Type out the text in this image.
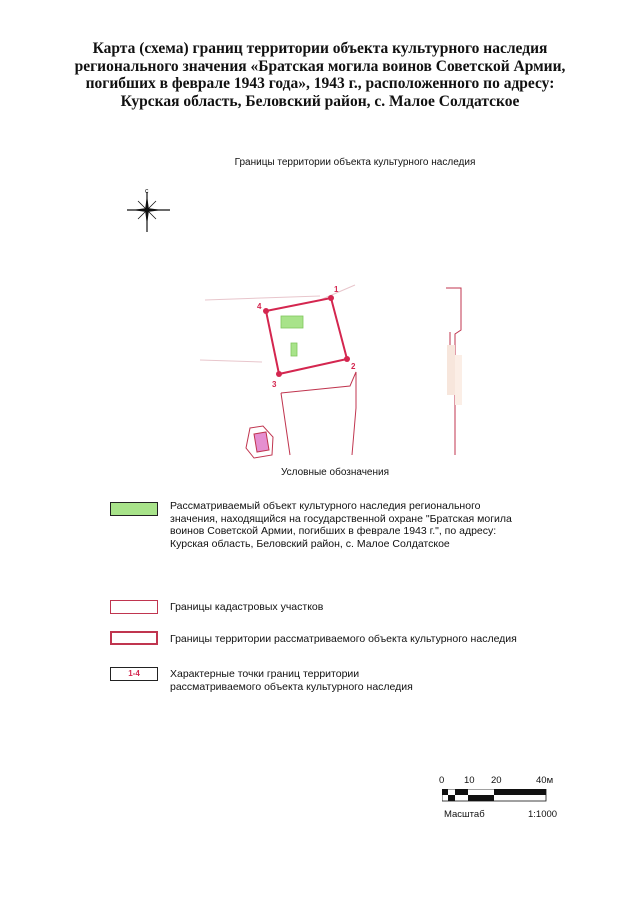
Карта (схема) границ территории объекта культурного наследия
регионального значения «Братская могила воинов Советской Армии,
погибших в феврале 1943 года», 1943 г., расположенного по адресу:
Курская область, Беловский район, с. Малое Солдатское
Границы территории объекта культурного наследия
с
1
2
3
4
Условные обозначения
Рассматриваемый объект культурного наследия регионального
значения, находящийся на государственной охране "Братская могила
воинов Советской Армии, погибших в феврале 1943 г.", по адресу:
Курская область, Беловский район, с. Малое Солдатское
Границы кадастровых участков
Границы территории рассматриваемого объекта культурного наследия
1-4	Характерные точки границ территории
рассматриваемого объекта культурного наследия
0 10 20	40м
Масштаб	1:1000
